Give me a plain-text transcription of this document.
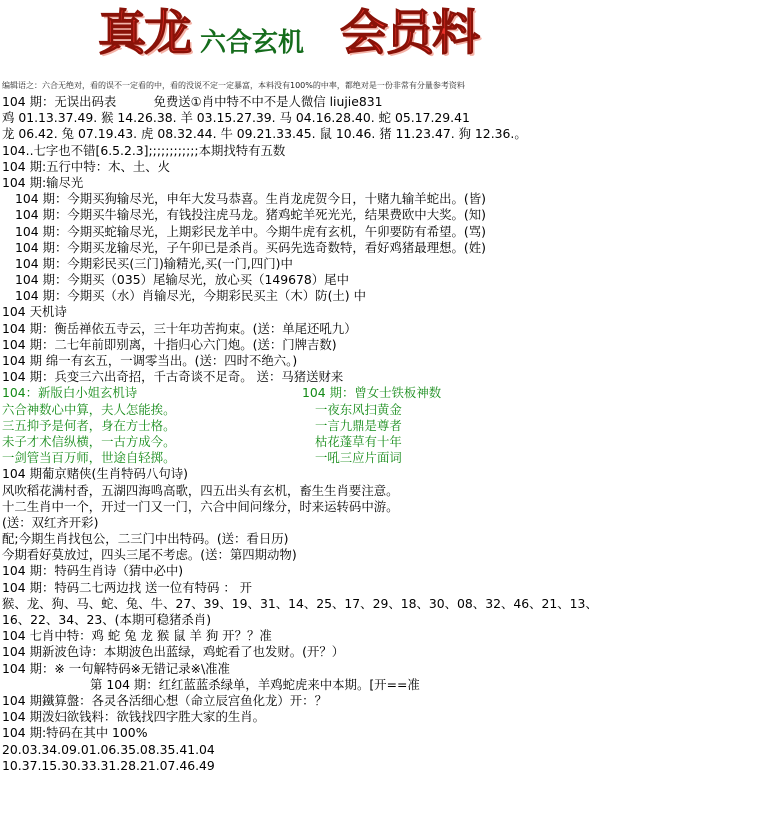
真龙 六合玄机 会员料
编辑语之：六合无绝对，看的误不一定看的中，看的没说不定一定暴富，本料没有100%的中率，都绝对是一份非常有分量参考资料
104 期：无误出码表　　　免费送①肖中特不中不是人微信 liujie831
鸡 01.13.37.49. 猴 14.26.38. 羊 03.15.27.39. 马 04.16.28.40. 蛇 05.17.29.41
龙 06.42. 兔 07.19.43. 虎 08.32.44. 牛 09.21.33.45. 鼠 10.46. 猪 11.23.47. 狗 12.36.。
104..七字也不错[6.5.2.3];;;;;;;;;;;;本期找特有五数
104 期:五行中特：木、土、火
104 期:输尽光
104 期：今期买狗输尽光，申年大发马恭喜。生肖龙虎贺今日，十赌九输羊蛇出。(皆)
104 期：今期买牛输尽光，有钱投注虎马龙。猪鸡蛇羊死光光，结果费欧中大奖。(知)
104 期：今期买蛇输尽光，上期彩民龙羊中。今期牛虎有玄机，午卯要防有希望。(骂)
104 期：今期买龙输尽光，子午卯已是杀肖。买码先选奇数特，看好鸡猪最理想。(姓)
104 期：今期彩民买(三门)输精光,买(一门,四门)中
104 期：今期买（035）尾输尽光，放心买（149678）尾中
104 期：今期买（水）肖输尽光，今期彩民买主（木）防(土) 中
104 天机诗
104 期：衡岳禅依五寺云，三十年功苦拘束。(送：单尾还吼九）
104 期：二七年前即别离，十指归心六门炮。(送：门牌吉数)
104 期 绵一有玄五，一调零当出。(送：四时不绝六。)
104 期：兵变三六出奇招，千古奇谈不足奇。 送：马猪送财来
104：新版白小姐玄机诗	104 期：曾女士铁板神数
六合神数心中算，夫人怎能挨。	一夜东风扫黄金
三五抑予是何者，身在方士格。	一言九鼎是尊者
未子才术信纵横，一古方成今。	枯花蓬草有十年
一剑管当百万师，世途自轻掷。	一吼三应片面词
104 期葡京赌侠(生肖特码八句诗)
风吹稻花满村香，五湖四海鸣高歌，四五出头有玄机，畜生生肖要注意。
十二生肖中一个，开过一门又一门，六合中间问缘分，时来运转码中游。
(送：双红齐开彩)
配;今期生肖找包公，二三门中出特码。(送：看日历)
今期看好莫放过，四头三尾不考虑。(送：第四期动物)
104 期：特码生肖诗（猜中必中)
104 期：特码二七两边找 送一位有特码 ： 开
猴、龙、狗、马、蛇、兔、牛、27、39、19、31、14、25、17、29、18、30、08、32、46、21、13、
16、22、34、23、(本期可稳猪杀肖)
104 七肖中特：鸡 蛇 兔 龙 猴 鼠 羊 狗 开？？准
104 期新波色诗：本期波色出蓝绿，鸡蛇看了也发财。(开？）
104 期：※ 一句解特码※无错记录※\准准
第 104 期：红红蓝蓝杀绿单，羊鸡蛇虎来中本期。[开==准
104 期鐵算盤：各灵各活细心想（命立辰宫鱼化龙）开：？
104 期泼妇欲钱料：欲钱找四字胜大家的生肖。
104 期:特码在其中 100%
20.03.34.09.01.06.35.08.35.41.04
10.37.15.30.33.31.28.21.07.46.49
